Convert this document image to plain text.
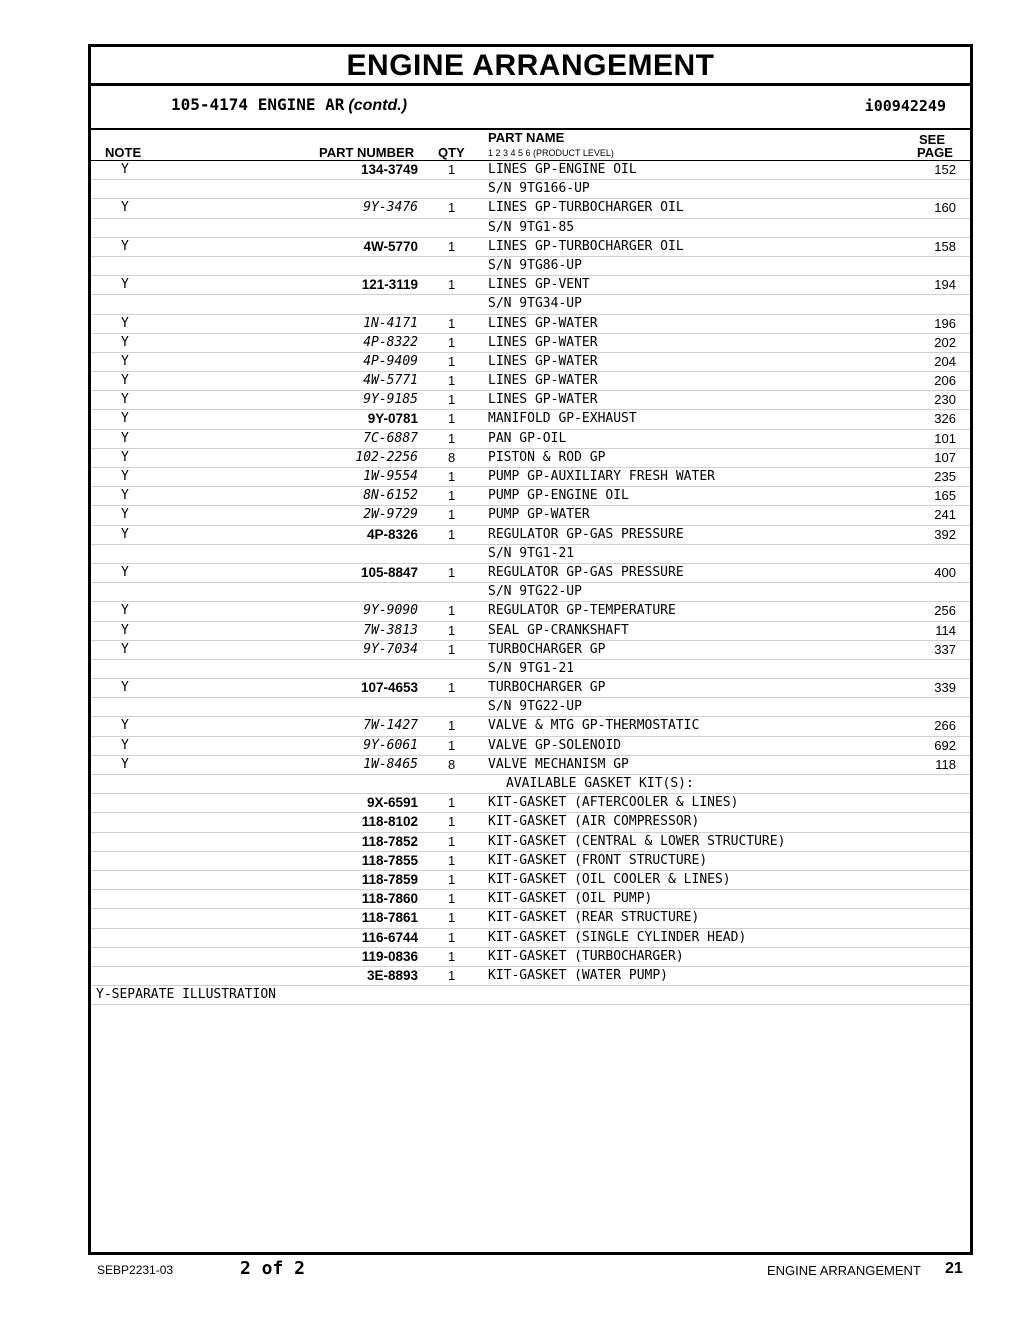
ENGINE ARRANGEMENT
105-4174 ENGINE AR (contd.)	i00942249
NOTE	PART NUMBER QTY
PART NAME
1 2 3 4 5 6 (PRODUCT LEVEL)
SEE
PAGE
Y	134-3749 1	LINES GP-ENGINE OIL	152
S/N 9TG166-UP
Y	9Y-3476 1	LINES GP-TURBOCHARGER OIL	160
S/N 9TG1-85
Y	4W-5770 1	LINES GP-TURBOCHARGER OIL	158
S/N 9TG86-UP
Y	121-3119 1	LINES GP-VENT	194
S/N 9TG34-UP
Y	1N-4171 1	LINES GP-WATER	196
Y	4P-8322 1	LINES GP-WATER	202
Y	4P-9409 1	LINES GP-WATER	204
Y	4W-5771 1	LINES GP-WATER	206
Y	9Y-9185 1	LINES GP-WATER	230
Y	9Y-0781 1	MANIFOLD GP-EXHAUST	326
Y	7C-6887 1	PAN GP-OIL	101
Y	102-2256 8	PISTON & ROD GP	107
Y	1W-9554 1	PUMP GP-AUXILIARY FRESH WATER	235
Y	8N-6152 1	PUMP GP-ENGINE OIL	165
Y	2W-9729 1	PUMP GP-WATER	241
Y	4P-8326 1	REGULATOR GP-GAS PRESSURE	392
S/N 9TG1-21
Y	105-8847 1	REGULATOR GP-GAS PRESSURE	400
S/N 9TG22-UP
Y	9Y-9090 1	REGULATOR GP-TEMPERATURE	256
Y	7W-3813 1	SEAL GP-CRANKSHAFT	114
Y	9Y-7034 1	TURBOCHARGER GP	337
S/N 9TG1-21
Y	107-4653 1	TURBOCHARGER GP	339
S/N 9TG22-UP
Y	7W-1427 1	VALVE & MTG GP-THERMOSTATIC	266
Y	9Y-6061 1	VALVE GP-SOLENOID	692
Y	1W-8465 8	VALVE MECHANISM GP	118
AVAILABLE GASKET KIT(S):
9X-6591 1	KIT-GASKET (AFTERCOOLER & LINES)
118-8102 1	KIT-GASKET (AIR COMPRESSOR)
118-7852 1	KIT-GASKET (CENTRAL & LOWER STRUCTURE)
118-7855 1	KIT-GASKET (FRONT STRUCTURE)
118-7859 1	KIT-GASKET (OIL COOLER & LINES)
118-7860 1	KIT-GASKET (OIL PUMP)
118-7861 1	KIT-GASKET (REAR STRUCTURE)
116-6744 1	KIT-GASKET (SINGLE CYLINDER HEAD)
119-0836 1	KIT-GASKET (TURBOCHARGER)
3E-8893 1	KIT-GASKET (WATER PUMP)
Y-SEPARATE ILLUSTRATION
SEBP2231-03	2 of 2	ENGINE ARRANGEMENT 21
